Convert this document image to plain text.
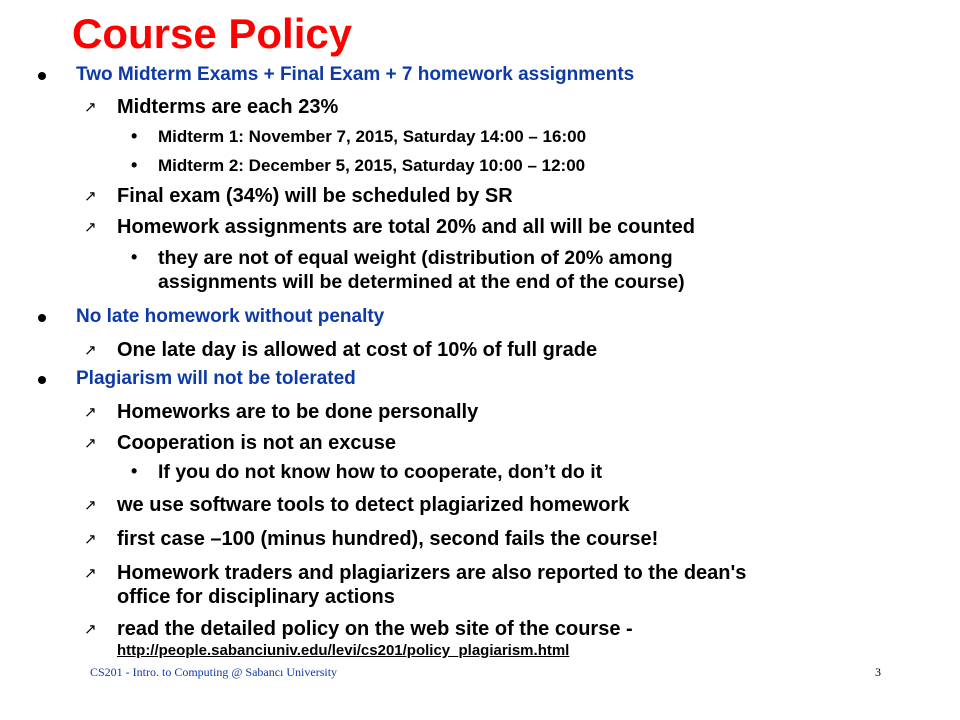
Course Policy
Two Midterm Exams + Final Exam + 7 homework assignments
↗ Midterms are each 23%
• Midterm 1: November 7, 2015, Saturday 14:00 – 16:00
• Midterm 2: December 5, 2015, Saturday 10:00 – 12:00
↗ Final exam (34%) will be scheduled by SR
↗ Homework assignments are total 20% and all will be counted
• they are not of equal weight (distribution of 20% among
assignments will be determined at the end of the course)
No late homework without penalty
↗ One late day is allowed at cost of 10% of full grade
Plagiarism will not be tolerated
↗ Homeworks are to be done personally
↗ Cooperation is not an excuse
• If you do not know how to cooperate, don’t do it
↗ we use software tools to detect plagiarized homework
↗ first case –100 (minus hundred), second fails the course!
↗ Homework traders and plagiarizers are also reported to the dean's
office for disciplinary actions
↗ read the detailed policy on the web site of the course -
http://people.sabanciuniv.edu/levi/cs201/policy_plagiarism.html
CS201 - Intro. to Computing @ Sabancı University	3
